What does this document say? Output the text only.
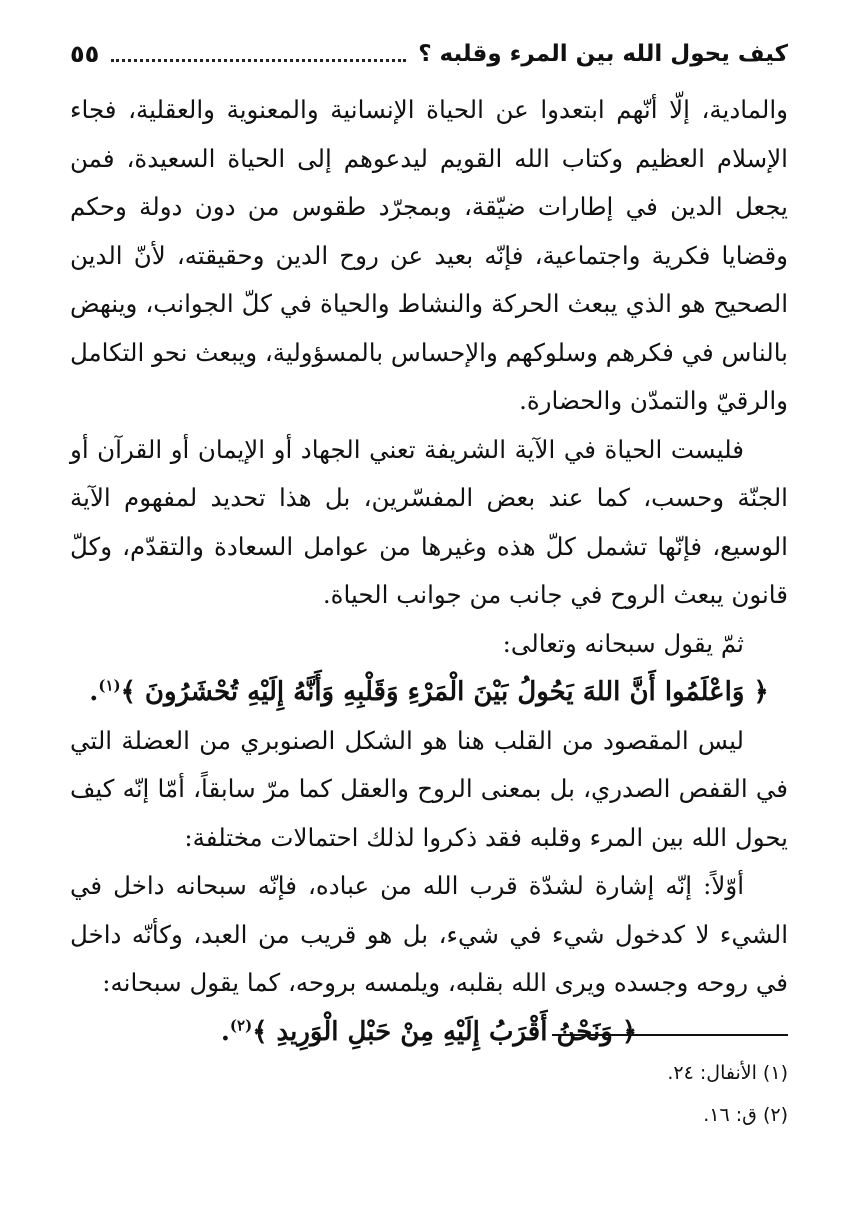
كيف يحول الله بين المرء وقلبه ؟
٥٥

والمادية، إلّا أنّهم ابتعدوا عن الحياة الإنسانية والمعنوية والعقلية، فجاء الإسلام العظيم وكتاب الله القويم ليدعوهم إلى الحياة السعيدة، فمن يجعل الدين في إطارات ضيّقة، وبمجرّد طقوس من دون دولة وحكم وقضايا فكرية واجتماعية، فإنّه بعيد عن روح الدين وحقيقته، لأنّ الدين الصحيح هو الذي يبعث الحركة والنشاط والحياة في كلّ الجوانب، وينهض بالناس في فكرهم وسلوكهم والإحساس بالمسؤولية، ويبعث نحو التكامل والرقيّ والتمدّن والحضارة.

فليست الحياة في الآية الشريفة تعني الجهاد أو الإيمان أو القرآن أو الجنّة وحسب، كما عند بعض المفسّرين، بل هذا تحديد لمفهوم الآية الوسيع، فإنّها تشمل كلّ هذه وغيرها من عوامل السعادة والتقدّم، وكلّ قانون يبعث الروح في جانب من جوانب الحياة.

ثمّ يقول سبحانه وتعالى:

﴿ وَاعْلَمُوا أَنَّ اللهَ يَحُولُ بَيْنَ الْمَرْءِ وَقَلْبِهِ وَأَنَّهُ إِلَيْهِ تُحْشَرُونَ ﴾$^{(١)}$.

ليس المقصود من القلب هنا هو الشكل الصنوبري من العضلة التي في القفص الصدري، بل بمعنى الروح والعقل كما مرّ سابقاً، أمّا إنّه كيف يحول الله بين المرء وقلبه فقد ذكروا لذلك احتمالات مختلفة:

أوّلاً: إنّه إشارة لشدّة قرب الله من عباده، فإنّه سبحانه داخل في الشيء لا كدخول شيء في شيء، بل هو قريب من العبد، وكأنّه داخل في روحه وجسده ويرى الله بقلبه، ويلمسه بروحه، كما يقول سبحانه:

﴿ وَنَحْنُ أَقْرَبُ إِلَيْهِ مِنْ حَبْلِ الْوَرِيدِ ﴾$^{(٢)}$.

(١) الأنفال: ٢٤.

(٢) ق: ١٦.
